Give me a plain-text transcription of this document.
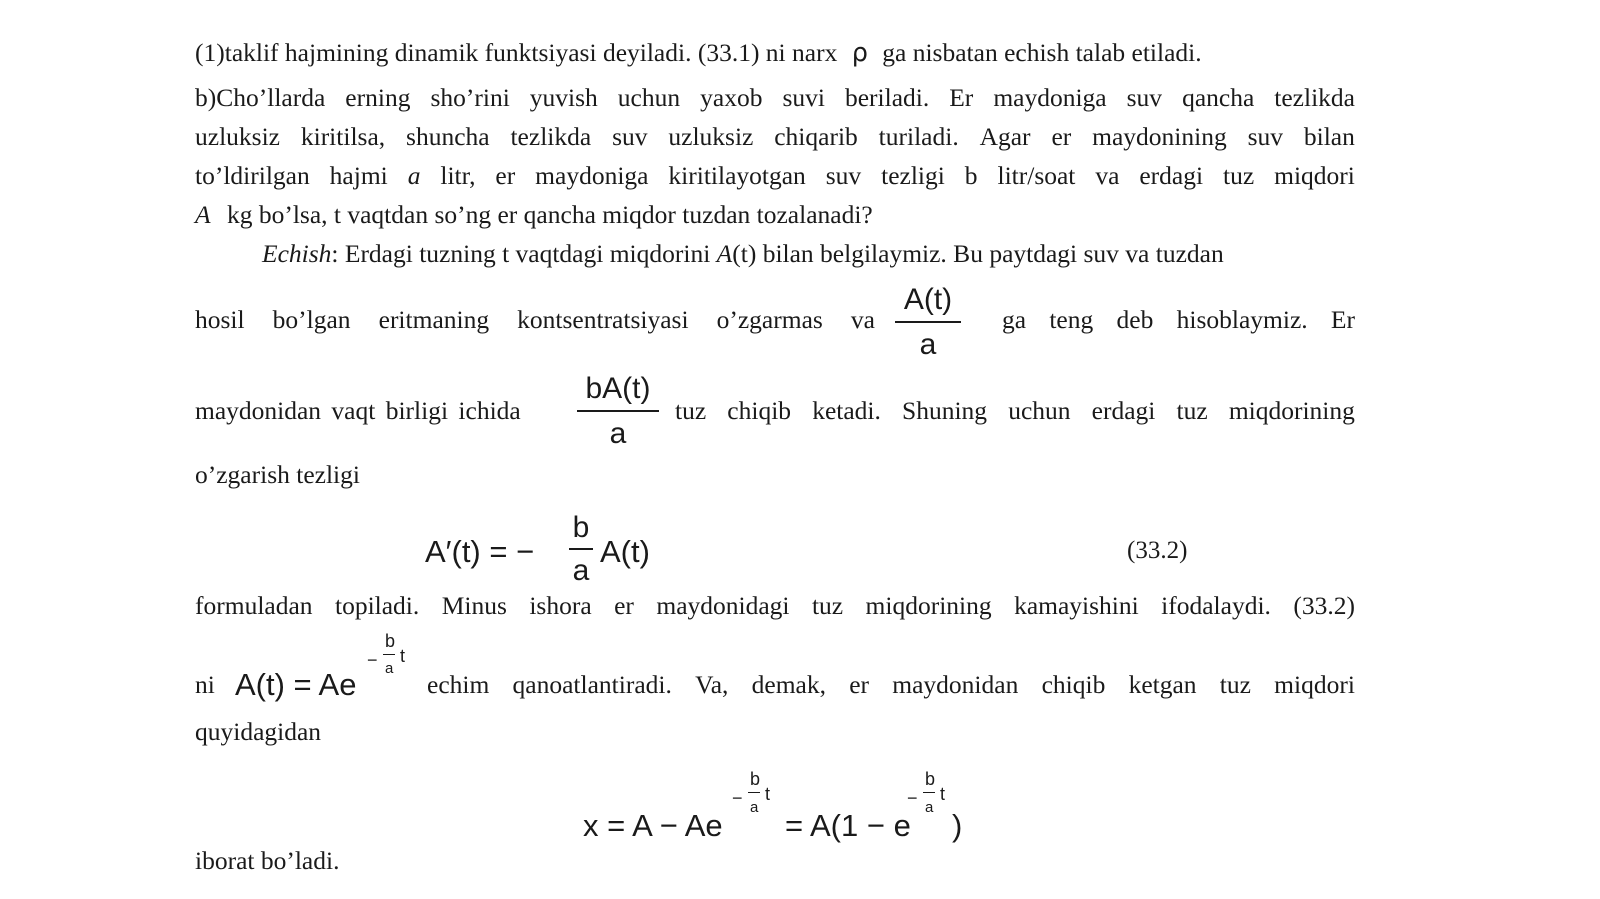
(1)taklif hajmining dinamik funktsiyasi deyiladi. (33.1) ni narx ρ ga nisbatan echish talab etiladi.
b)Cho’llarda erning sho’rini yuvish uchun yaxob suvi beriladi. Er maydoniga suv qancha tezlikda
uzluksiz kiritilsa, shuncha tezlikda suv uzluksiz chiqarib turiladi. Agar er maydonining suv bilan
to’ldirilgan hajmi a litr, er maydoniga kiritilayotgan suv tezligi b litr/soat va erdagi tuz miqdori
A kg bo’lsa, t vaqtdan so’ng er qancha miqdor tuzdan tozalanadi?
Echish: Erdagi tuzning t vaqtdagi miqdorini A(t) bilan belgilaymiz. Bu paytdagi suv va tuzdan
hosil bo’lgan eritmaning kontsentratsiyasi o’zgarmas va
A(t)
a
ga teng deb hisoblaymiz. Er
maydonidan vaqt birligi ichida
bA(t)
a
tuz chiqib ketadi. Shuning uchun erdagi tuz miqdorining
o’zgarish tezligi
A′(t) = −
b
a
A(t)	(33.2)
formuladan topiladi. Minus ishora er maydonidagi tuz miqdorining kamayishini ifodalaydi. (33.2)
ni A(t) = Ae
−
b
a
t
echim qanoatlantiradi. Va, demak, er maydonidan chiqib ketgan tuz miqdori
quyidagidan
x = A − Ae
−
b
a
t
= A(1 − e
−
b
a
t
)
iborat bo’ladi.
